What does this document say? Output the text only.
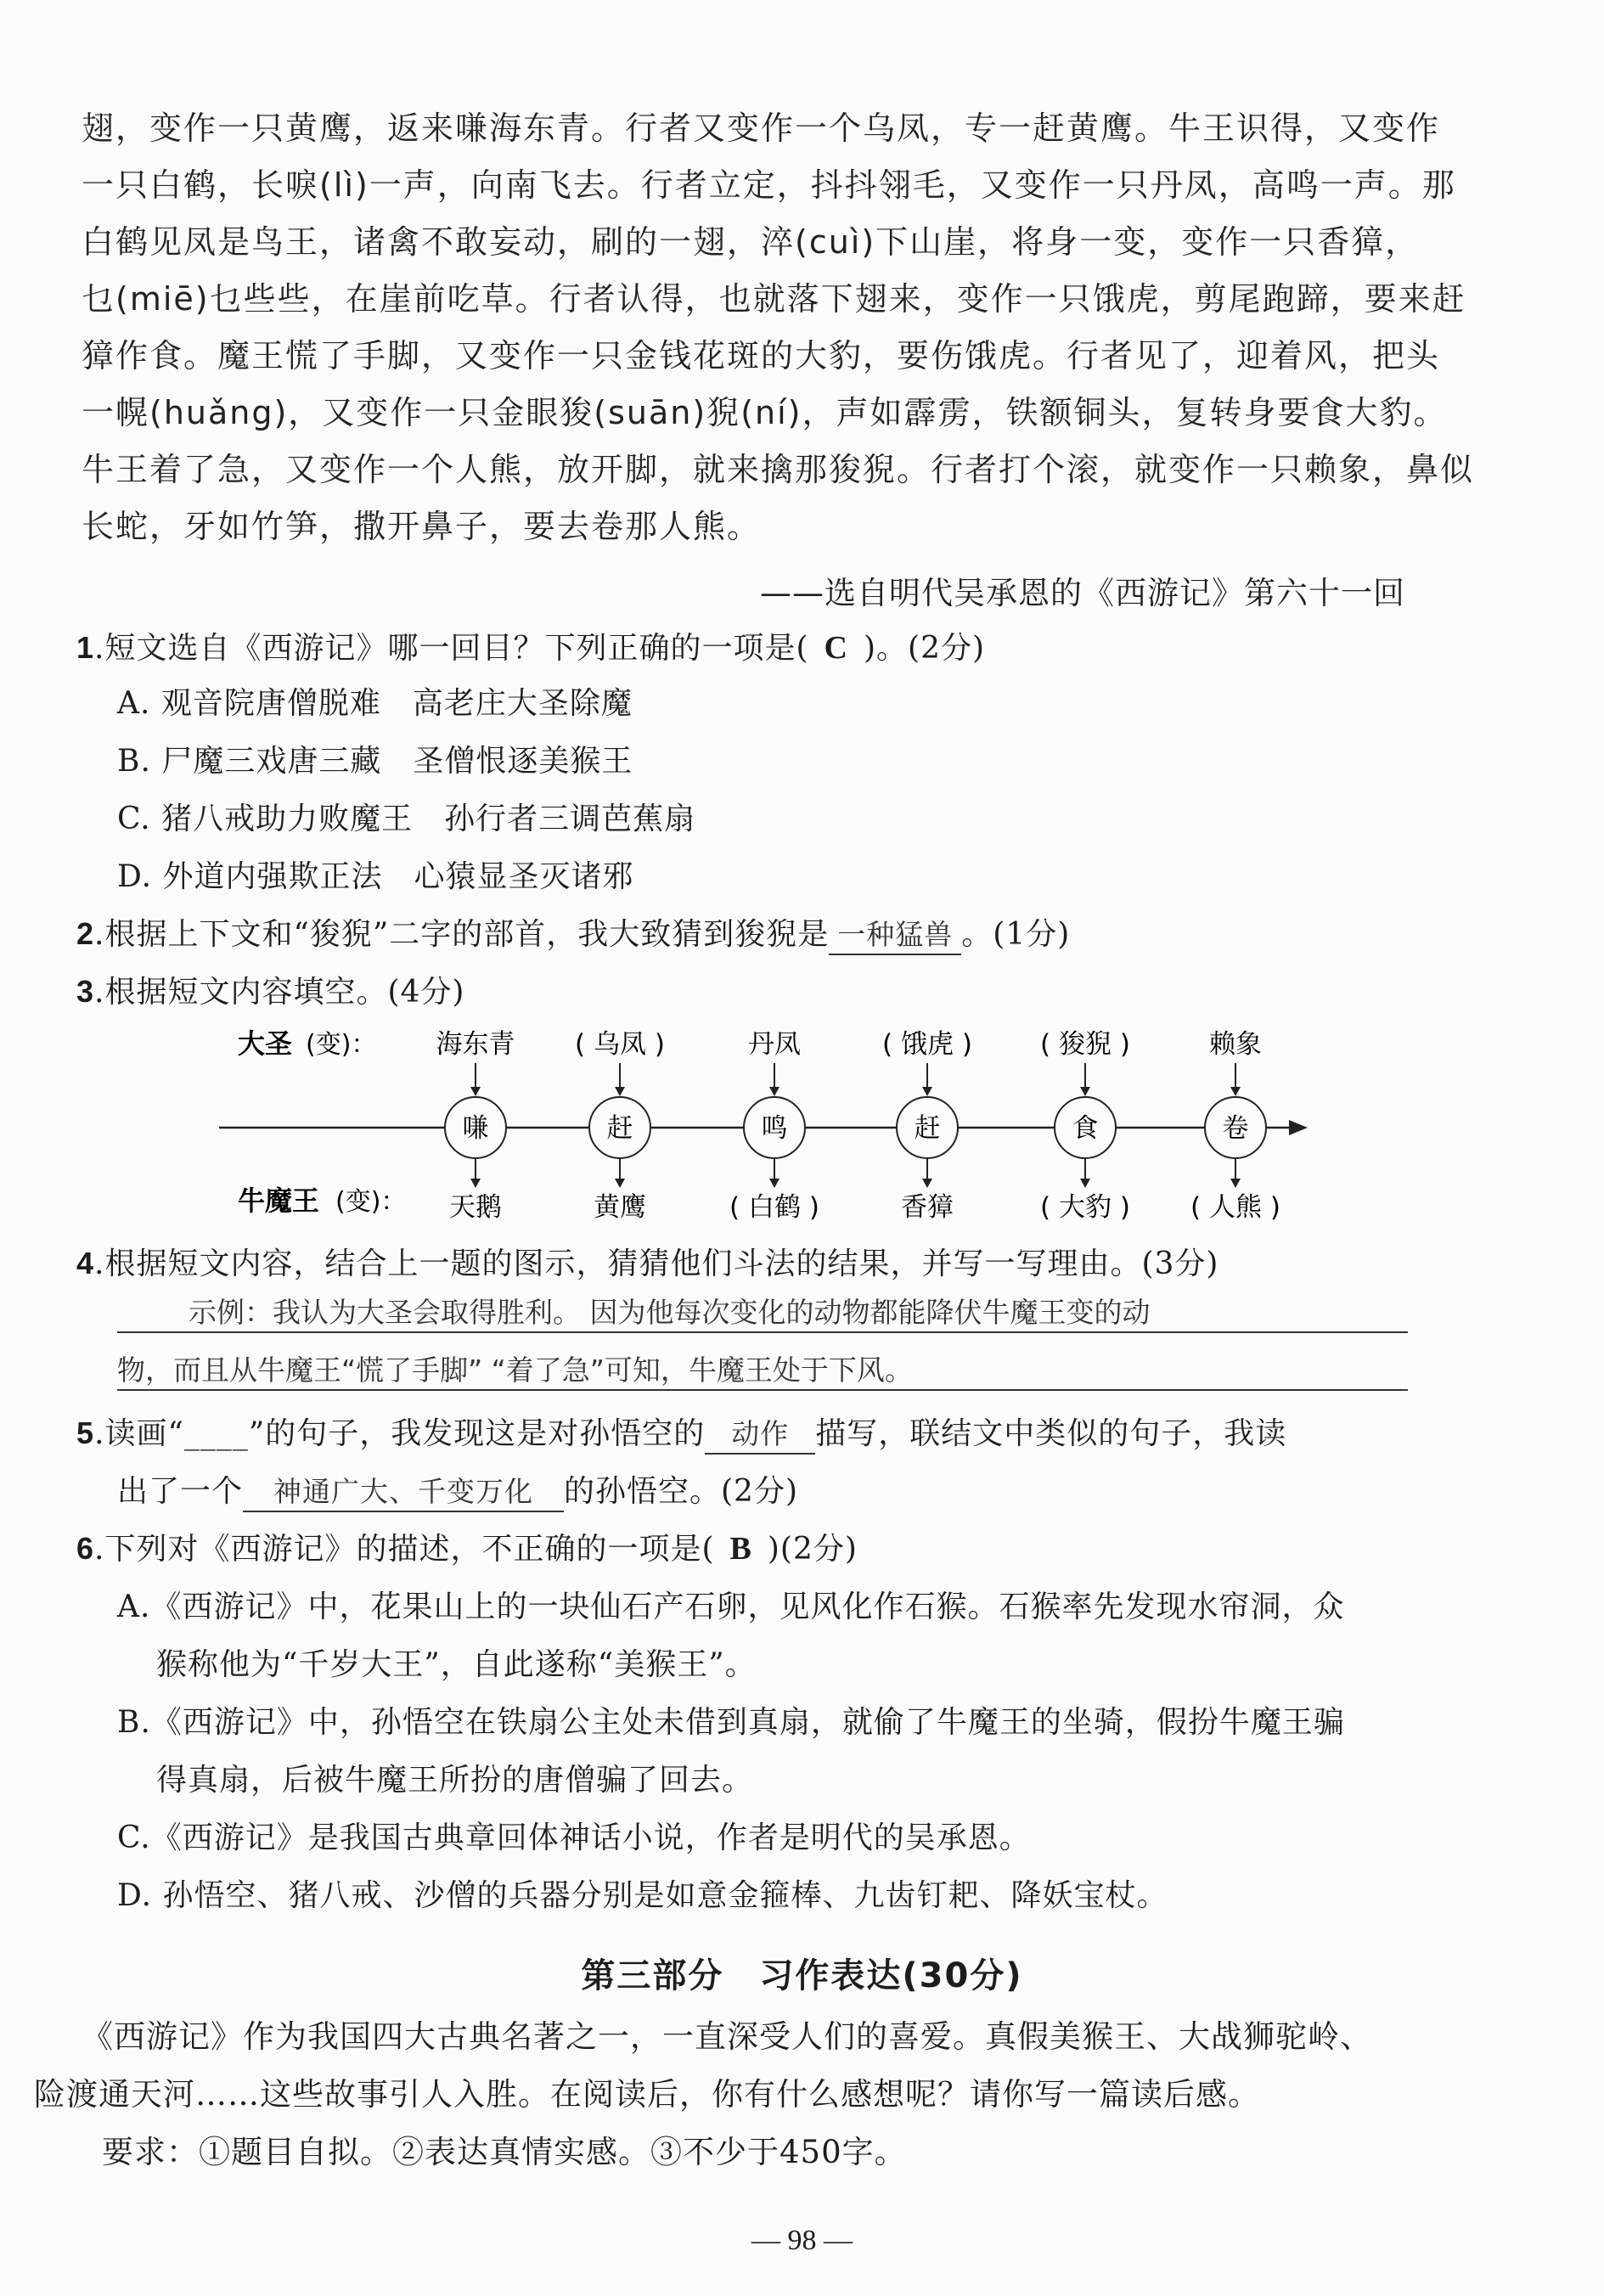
翅，变作一只黄鹰，返来嗛海东青。行者又变作一个乌凤，专一赶黄鹰。牛王识得，又变作
一只白鹤，长唳(lì)一声，向南飞去。行者立定，抖抖翎毛，又变作一只丹凤，高鸣一声。那
白鹤见凤是鸟王，诸禽不敢妄动，刷的一翅，淬(cuì)下山崖，将身一变，变作一只香獐，
乜(miē)乜些些，在崖前吃草。行者认得，也就落下翅来，变作一只饿虎，剪尾跑蹄，要来赶
獐作食。魔王慌了手脚，又变作一只金钱花斑的大豹，要伤饿虎。行者见了，迎着风，把头
一幌(huǎng)，又变作一只金眼狻(suān)猊(ní)，声如霹雳，铁额铜头，复转身要食大豹。
牛王着了急，又变作一个人熊，放开脚，就来擒那狻猊。行者打个滚，就变作一只赖象，鼻似
长蛇，牙如竹笋，撒开鼻子，要去卷那人熊。
——选自明代吴承恩的《西游记》第六十一回
1.短文选自《西游记》哪一回目？下列正确的一项是( C )。(2分)
A. 观音院唐僧脱难　高老庄大圣除魔
B. 尸魔三戏唐三藏　圣僧恨逐美猴王
C. 猪八戒助力败魔王　孙行者三调芭蕉扇
D. 外道内强欺正法　心猿显圣灭诸邪
2.根据上下文和“狻猊”二字的部首，我大致猜到狻猊是 一种猛兽 。(1分)
3.根据短文内容填空。(4分)
大圣 (变)：
牛魔王 (变)：
海东青
嗛
天鹅
( 乌凤 )
赶
黄鹰
丹凤
鸣
( 白鹤 )
( 饿虎 )
赶
香獐
( 狻猊 )
食
( 大豹 )
赖象
卷
( 人熊 )
4.根据短文内容，结合上一题的图示，猜猜他们斗法的结果，并写一写理由。(3分)
示例：我认为大圣会取得胜利。 因为他每次变化的动物都能降伏牛魔王变的动
物，而且从牛魔王“慌了手脚” “着了急”可知，牛魔王处于下风。
5.读画“____”的句子，我发现这是对孙悟空的 动作 描写，联结文中类似的句子，我读
出了一个 神通广大、千变万化 的孙悟空。(2分)
6.下列对《西游记》的描述，不正确的一项是( B )(2分)
A.《西游记》中，花果山上的一块仙石产石卵，见风化作石猴。石猴率先发现水帘洞，众
猴称他为“千岁大王”，自此遂称“美猴王”。
B.《西游记》中，孙悟空在铁扇公主处未借到真扇，就偷了牛魔王的坐骑，假扮牛魔王骗
得真扇，后被牛魔王所扮的唐僧骗了回去。
C.《西游记》是我国古典章回体神话小说，作者是明代的吴承恩。
D. 孙悟空、猪八戒、沙僧的兵器分别是如意金箍棒、九齿钉耙、降妖宝杖。
第三部分　习作表达(30分)
《西游记》作为我国四大古典名著之一，一直深受人们的喜爱。真假美猴王、大战狮驼岭、
险渡通天河……这些故事引人入胜。在阅读后，你有什么感想呢？请你写一篇读后感。
要求：①题目自拟。②表达真情实感。③不少于450字。
— 98 —
